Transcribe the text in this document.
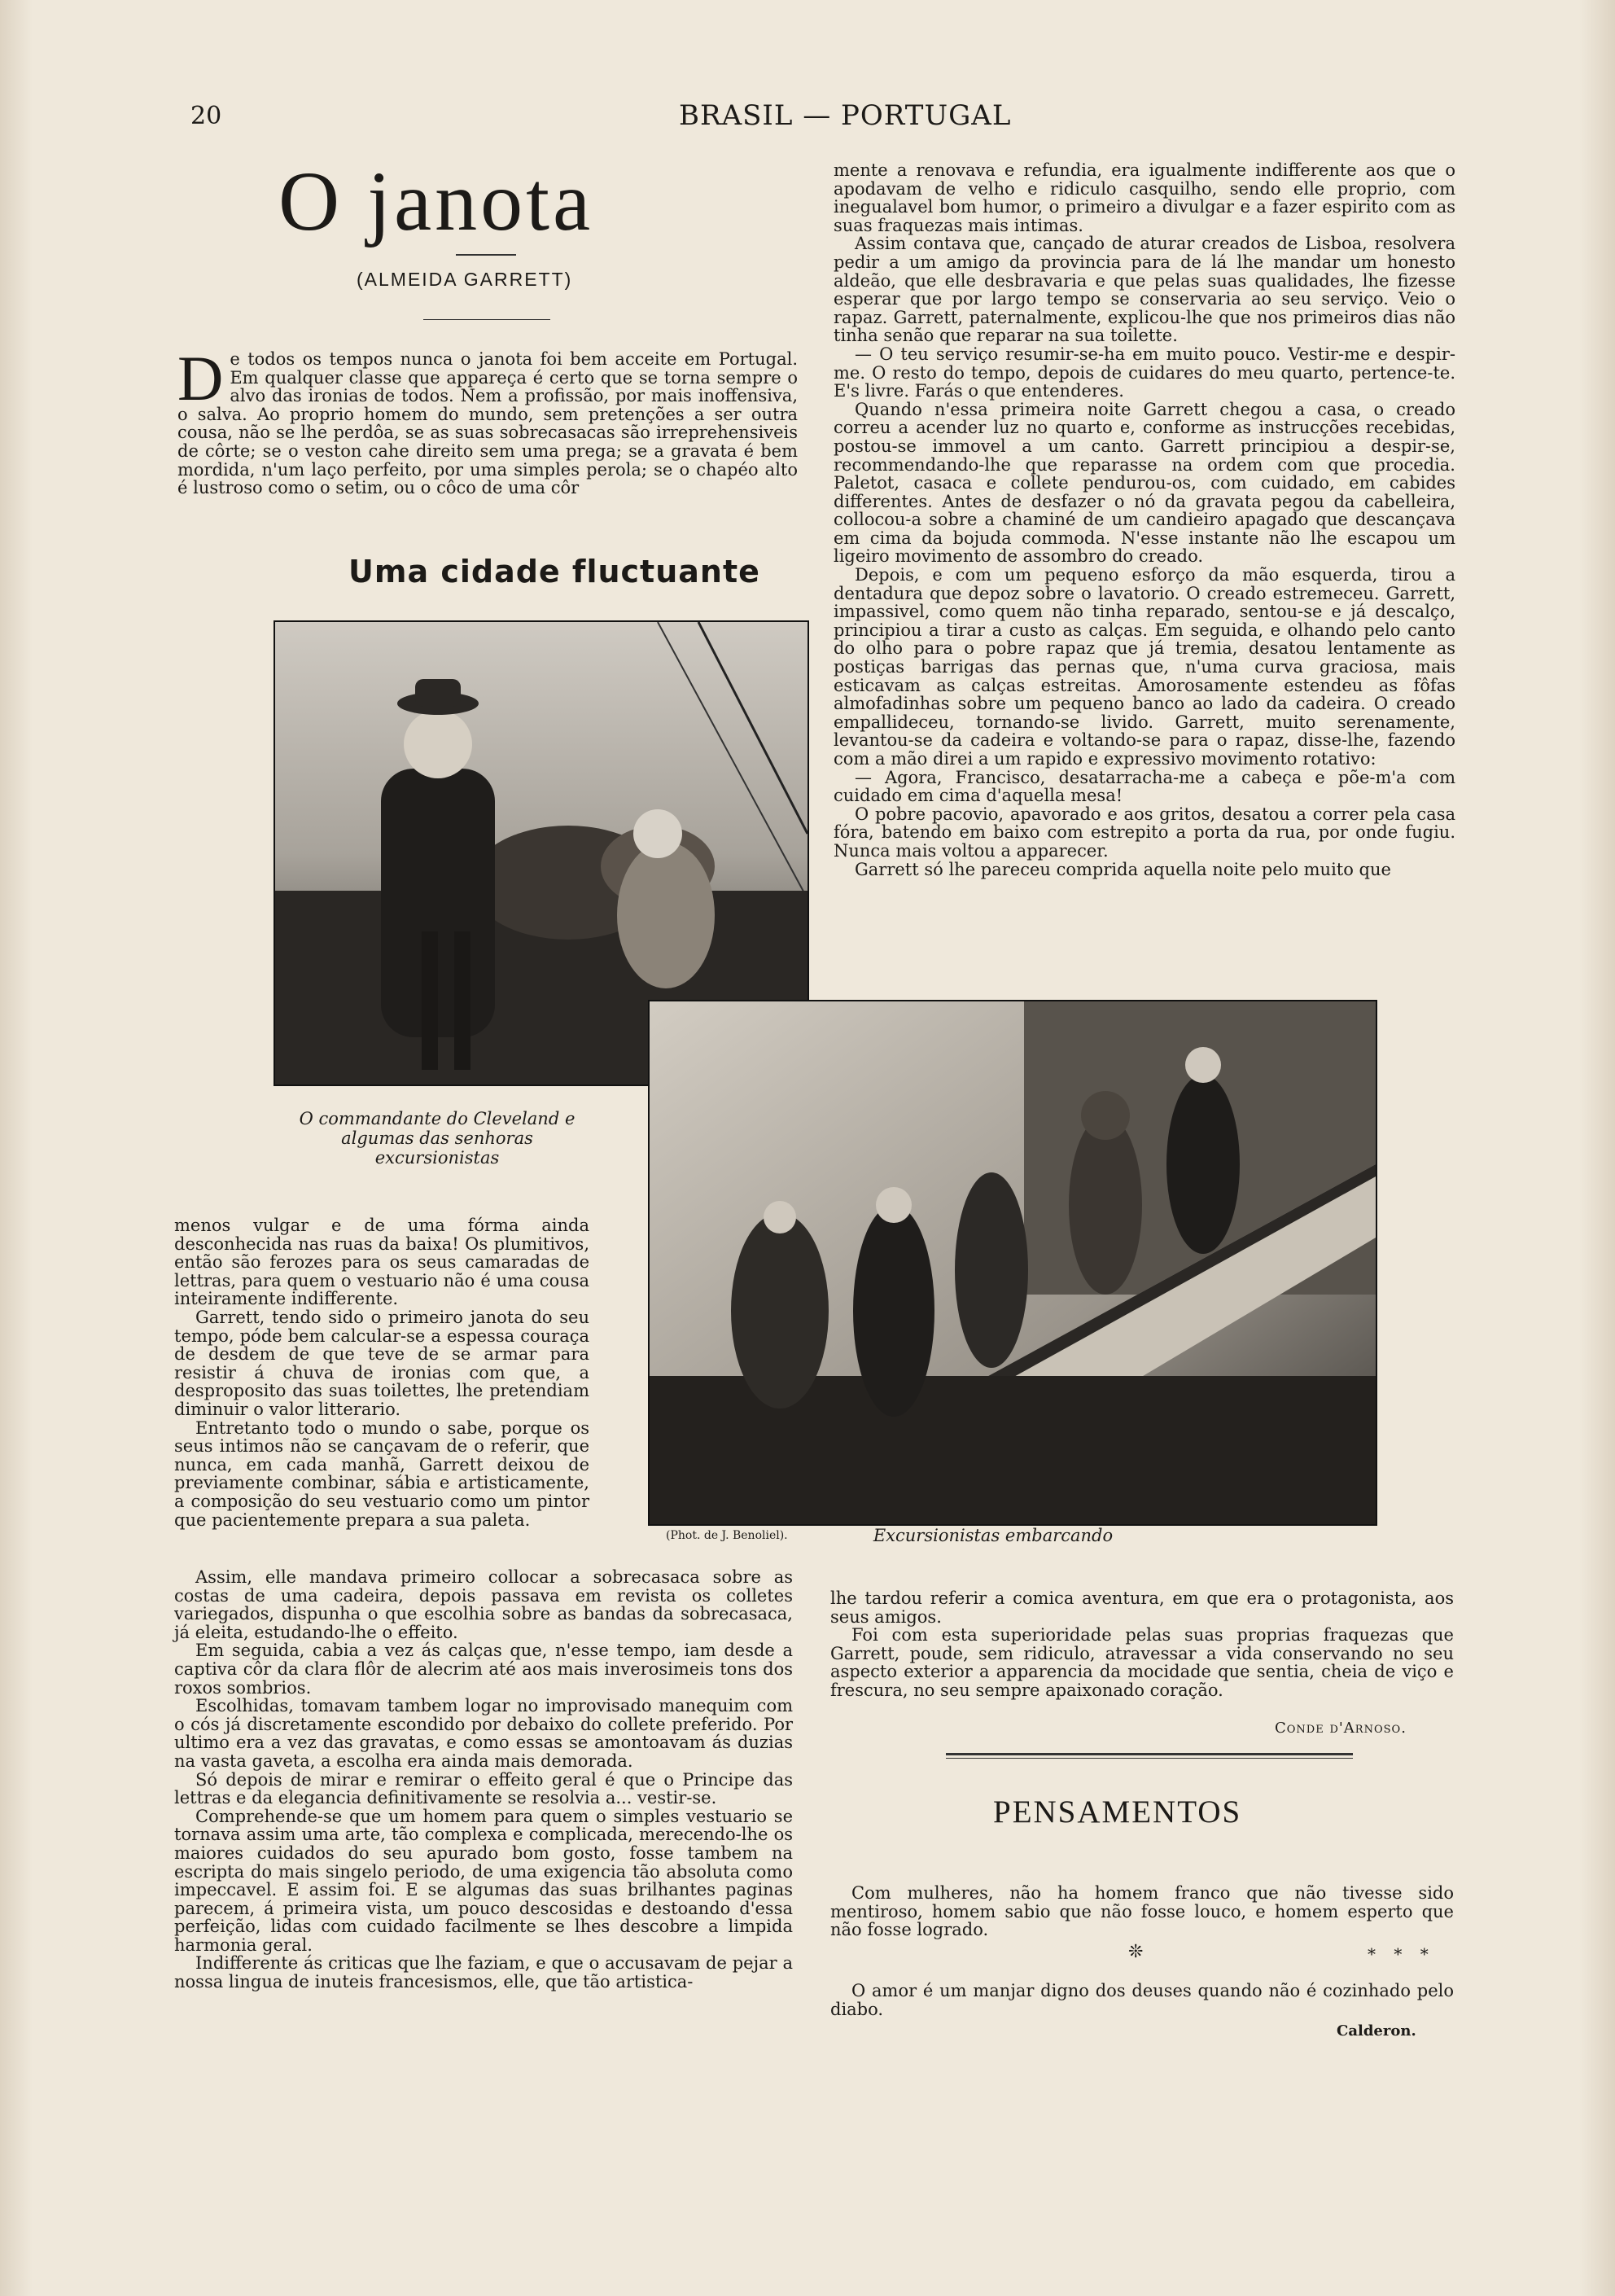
20	BRASIL — PORTUGAL
O janota
(ALMEIDA GARRETT)
D e todos os tempos nunca o janota foi bem acceite em Portugal. Em qualquer classe que appareça é certo que se torna sempre o alvo das ironias de todos. Nem a profissão, por mais inoffensiva, o salva. Ao proprio homem do mundo, sem pretenções a ser outra cousa, não se lhe perdôa, se as suas sobrecasacas são irreprehensiveis de côrte; se o veston cahe direito sem uma prega; se a gravata é bem mordida, n'um laço perfeito, por uma simples perola; se o chapéo alto é lustroso como o setim, ou o côco de uma côr
Uma cidade fluctuante
O commandante do Cleveland e algumas das senhoras excursionistas
(Phot. de J. Benoliel).	Excursionistas embarcando

menos vulgar e de uma fórma ainda desconhecida nas ruas da baixa! Os plumitivos, então são ferozes para os seus camaradas de lettras, para quem o vestuario não é uma cousa inteiramente indifferente.

Garrett, tendo sido o primeiro janota do seu tempo, póde bem calcular-se a espessa couraça de desdem de que teve de se armar para resistir á chuva de ironias com que, a desproposito das suas toilettes, lhe pretendiam diminuir o valor litterario.

Entretanto todo o mundo o sabe, porque os seus intimos não se cançavam de o referir, que nunca, em cada manhã, Garrett deixou de previamente combinar, sábia e artisticamente, a composição do seu vestuario como um pintor que pacientemente prepara a sua paleta.

Assim, elle mandava primeiro collocar a sobrecasaca sobre as costas de uma cadeira, depois passava em revista os colletes variegados, dispunha o que escolhia sobre as bandas da sobrecasaca, já eleita, estudando-lhe o effeito.

Em seguida, cabia a vez ás calças que, n'esse tempo, iam desde a captiva côr da clara flôr de alecrim até aos mais inverosimeis tons dos roxos sombrios.

Escolhidas, tomavam tambem logar no improvisado manequim com o cós já discretamente escondido por debaixo do collete preferido. Por ultimo era a vez das gravatas, e como essas se amontoavam ás duzias na vasta gaveta, a escolha era ainda mais demorada.

Só depois de mirar e remirar o effeito geral é que o Principe das lettras e da elegancia definitivamente se resolvia a... vestir-se.

Comprehende-se que um homem para quem o simples vestuario se tornava assim uma arte, tão complexa e complicada, merecendo-lhe os maiores cuidados do seu apurado bom gosto, fosse tambem na escripta do mais singelo periodo, de uma exigencia tão absoluta como impeccavel. E assim foi. E se algumas das suas brilhantes paginas parecem, á primeira vista, um pouco descosidas e destoando d'essa perfeição, lidas com cuidado facilmente se lhes descobre a limpida harmonia geral.

Indifferente ás criticas que lhe faziam, e que o accusavam de pejar a nossa lingua de inuteis francesismos, elle, que tão artistica-

mente a renovava e refundia, era igualmente indifferente aos que o apodavam de velho e ridiculo casquilho, sendo elle proprio, com inegualavel bom humor, o primeiro a divulgar e a fazer espirito com as suas fraquezas mais intimas.

Assim contava que, cançado de aturar creados de Lisboa, resolvera pedir a um amigo da provincia para de lá lhe mandar um honesto aldeão, que elle desbravaria e que pelas suas qualidades, lhe fizesse esperar que por largo tempo se conservaria ao seu serviço. Veio o rapaz. Garrett, paternalmente, explicou-lhe que nos primeiros dias não tinha senão que reparar na sua toilette.

— O teu serviço resumir-se-ha em muito pouco. Vestir-me e despir-me. O resto do tempo, depois de cuidares do meu quarto, pertence-te. E's livre. Farás o que entenderes.

Quando n'essa primeira noite Garrett chegou a casa, o creado correu a acender luz no quarto e, conforme as instrucções recebidas, postou-se immovel a um canto. Garrett principiou a despir-se, recommendando-lhe que reparasse na ordem com que procedia. Paletot, casaca e collete pendurou-os, com cuidado, em cabides differentes. Antes de desfazer o nó da gravata pegou da cabelleira, collocou-a sobre a chaminé de um candieiro apagado que descançava em cima da bojuda commoda. N'esse instante não lhe escapou um ligeiro movimento de assombro do creado.

Depois, e com um pequeno esforço da mão esquerda, tirou a dentadura que depoz sobre o lavatorio. O creado estremeceu. Garrett, impassivel, como quem não tinha reparado, sentou-se e já descalço, principiou a tirar a custo as calças. Em seguida, e olhando pelo canto do olho para o pobre rapaz que já tremia, desatou lentamente as postiças barrigas das pernas que, n'uma curva graciosa, mais esticavam as calças estreitas. Amorosamente estendeu as fôfas almofadinhas sobre um pequeno banco ao lado da cadeira. O creado empallideceu, tornando-se livido. Garrett, muito serenamente, levantou-se da cadeira e voltando-se para o rapaz, disse-lhe, fazendo com a mão direi a um rapido e expressivo movimento rotativo:

— Agora, Francisco, desatarracha-me a cabeça e põe-m'a com cuidado em cima d'aquella mesa!

O pobre pacovio, apavorado e aos gritos, desatou a correr pela casa fóra, batendo em baixo com estrepito a porta da rua, por onde fugiu. Nunca mais voltou a apparecer.

Garrett só lhe pareceu comprida aquella noite pelo muito que

lhe tardou referir a comica aventura, em que era o protagonista, aos seus amigos.

Foi com esta superioridade pelas suas proprias fraquezas que Garrett, poude, sem ridiculo, atravessar a vida conservando no seu aspecto exterior a apparencia da mocidade que sentia, cheia de viço e frescura, no seu sempre apaixonado coração.

Conde d'Arnoso.
PENSAMENTOS

Com mulheres, não ha homem franco que não tivesse sido mentiroso, homem sabio que não fosse louco, e homem esperto que não fosse logrado.

❊	* * *

O amor é um manjar digno dos deuses quando não é cozinhado pelo diabo.

Calderon.
